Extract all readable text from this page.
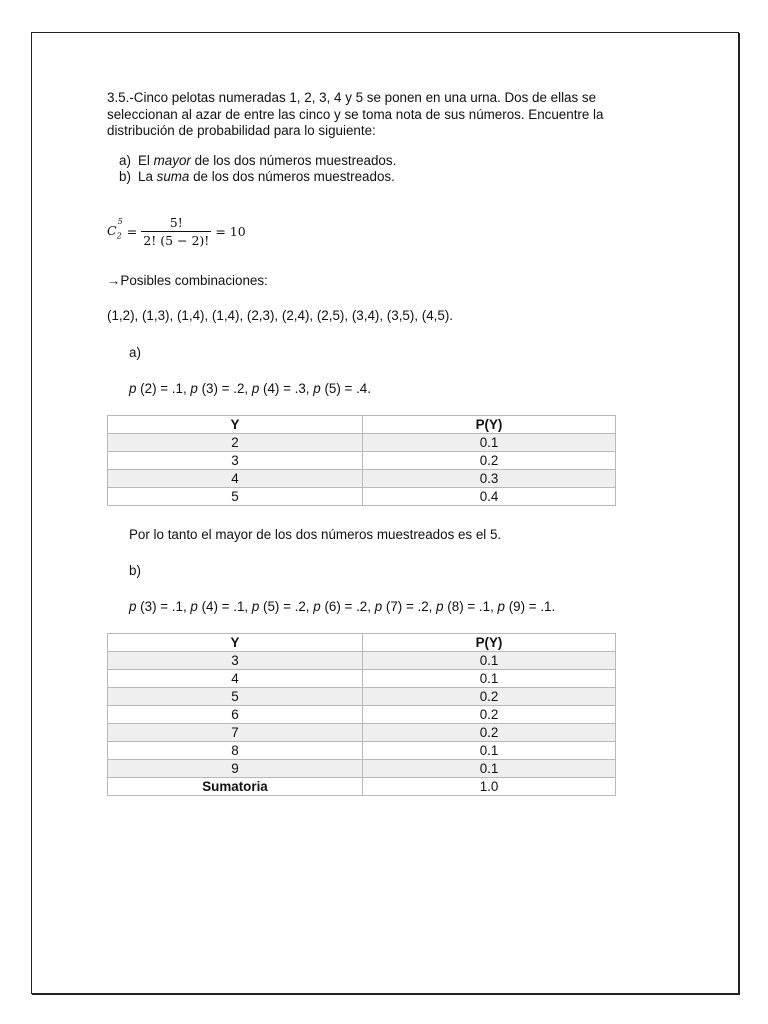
3.5.-Cinco pelotas numeradas 1, 2, 3, 4 y 5 se ponen en una urna. Dos de ellas se seleccionan al azar de entre las cinco y se toma nota de sus números. Encuentre la distribución de probabilidad para lo siguiente:

a) El mayor de los dos números muestreados.
b) La suma de los dos números muestreados.
$C_2^5$
= $\frac{5!}{2! (5 - 2)!} = 10$
→Posibles combinaciones:
(1,2), (1,3), (1,4), (1,4), (2,3), (2,4), (2,5), (3,4), (3,5), (4,5).
a)
p (2) = .1, p (3) = .2, p (4) = .3, p (5) = .4.
Y	P(Y)
2	0.1
3	0.2
4	0.3
5	0.4
Por lo tanto el mayor de los dos números muestreados es el 5.
b)
p (3) = .1, p (4) = .1, p (5) = .2, p (6) = .2, p (7) = .2, p (8) = .1, p (9) = .1.
Y	P(Y)
3	0.1
4	0.1
5	0.2
6	0.2
7	0.2
8	0.1
9	0.1
Sumatoria	1.0
